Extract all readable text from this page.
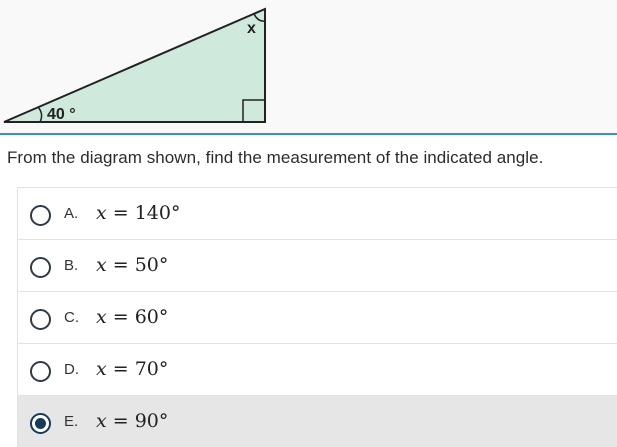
40 °
x
From the diagram shown, find the measurement of the indicated angle.
A. x = 140°
B. x = 50°
C. x = 60°
D. x = 70°
E. x = 90°
